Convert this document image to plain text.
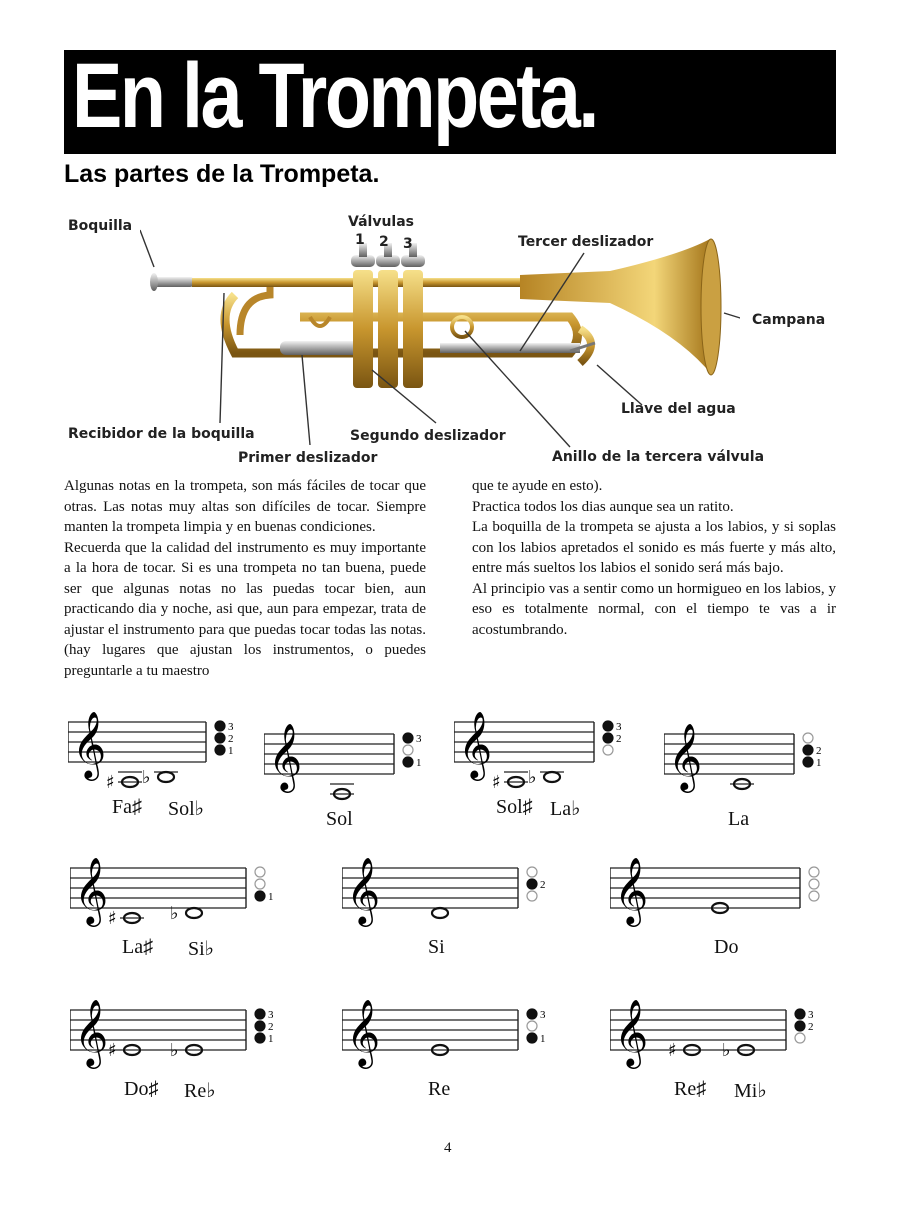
En la Trompeta.
Las partes de la Trompeta.
Boquilla	Válvulas
1 2 3	Tercer deslizador
Campana
Llave del agua
Recibidor de la boquilla	Segundo deslizador
Primer deslizador	Anillo de la tercera válvula

Algunas notas en la trompeta, son más fáciles de tocar que otras. Las notas muy altas son difíciles de tocar. Siempre manten la trompeta limpia y en buenas condiciones.

Recuerda que la calidad del instrumento es muy importante a la hora de tocar. Si es una trompeta no tan buena, puede ser que algunas notas no las puedas tocar bien, aun practicando dia y noche, asi que, aun para empezar, trata de ajustar el instrumento para que puedas tocar todas las notas. (hay lugares que ajustan los instrumentos, o puedes preguntarle a tu maestro

que te ayude en esto).

Practica todos los dias aunque sea un ratito.

La boquilla de la trompeta se ajusta a los labios, y si soplas con los labios apretados el sonido es más fuerte y más alto, entre más sueltos los labios el sonido será más bajo.

Al principio vas a sentir como un hormigueo en los labios, y eso es totalmente normal, con el tiempo te vas a ir acostumbrando.

𝄞
♯ ♭
3
2
1
Fa♯ Sol♭
𝄞	3
1
Sol
𝄞
♯ ♭
3
2
Sol♯ La♭
𝄞	2
1
La
𝄞 ♯	♭
1
La♯ Si♭
𝄞	2
Si
𝄞
Do
𝄞 ♯	♭
3
2
1
Do♯ Re♭
𝄞	3
1
Re
𝄞 ♯	♭
3
2
Re♯ Mi♭
4
